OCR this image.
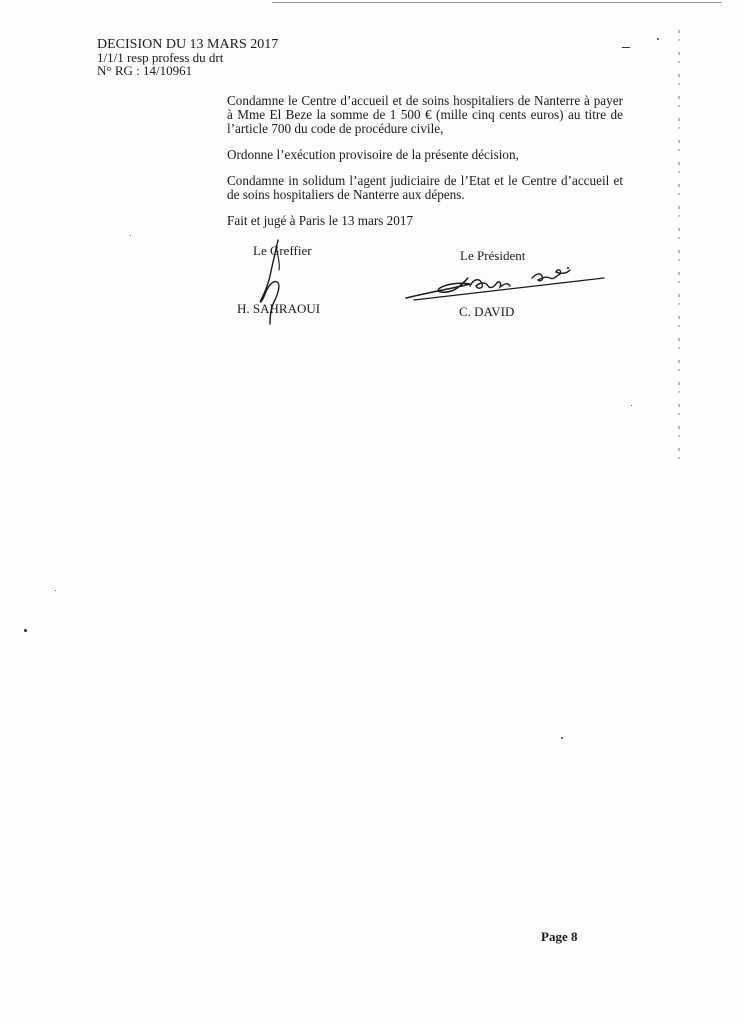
DECISION DU 13 MARS 2017
1/1/1 resp profess du drt
N° RG : 14/10961

Condamne le Centre d’accueil et de soins hospitaliers de Nanterre à payer à Mme El Beze la somme de 1 500 € (mille cinq cents euros) au titre de l’article 700 du code de procédure civile,

Ordonne l’exécution provisoire de la présente décision,

Condamne in solidum l’agent judiciaire de l’Etat et le Centre d’accueil et de soins hospitaliers de Nanterre aux dépens.

Fait et jugé à Paris le 13 mars 2017

Le Greffier	Le Président
H. SAHRAOUI	C. DAVID
Page 8
